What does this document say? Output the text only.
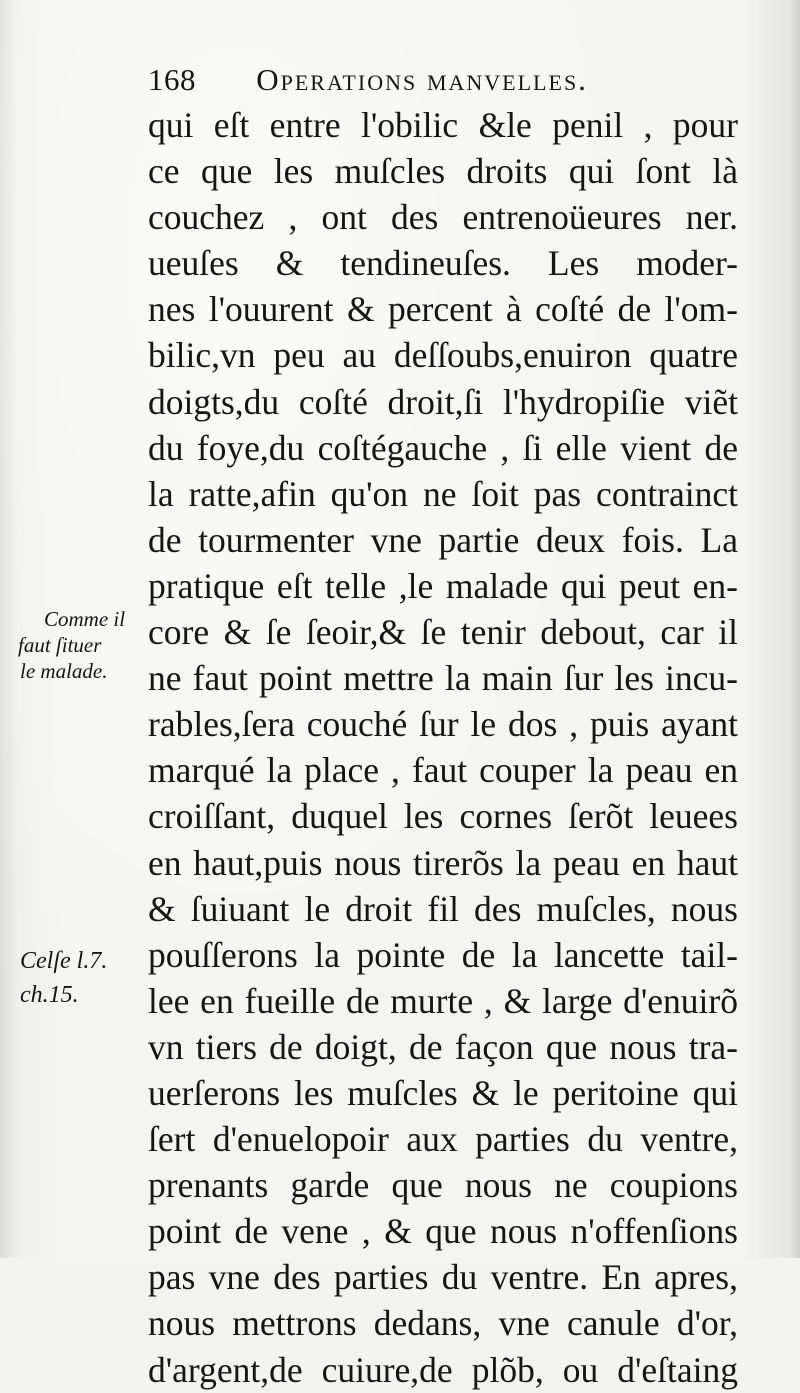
168 Operations manvelles.
qui eſt entre l'obilic &le penil , pour
ce que les muſcles droits qui ſont là
couchez , ont des entrenoüeures ner.
ueuſes & tendineuſes. Les moder-
nes l'ouurent & percent à coſté de l'om-
bilic,vn peu au deſſoubs,enuiron quatre
doigts,du coſté droit,ſi l'hydropiſie viẽt
du foye,du coſtégauche , ſi elle vient de
la ratte,afin qu'on ne ſoit pas contrainct
de tourmenter vne partie deux fois. La
pratique eſt telle ,le malade qui peut en-
core & ſe ſeoir,& ſe tenir debout, car il
ne faut point mettre la main ſur les incu-
rables,ſera couché ſur le dos , puis ayant
marqué la place , faut couper la peau en
croiſſant, duquel les cornes ſerõt leuees
en haut,puis nous tirerõs la peau en haut
& ſuiuant le droit fil des muſcles, nous
pouſſerons la pointe de la lancette tail-
lee en fueille de murte , & large d'enuirõ
vn tiers de doigt, de façon que nous tra-
uerſerons les muſcles & le peritoine qui
ſert d'enuelopoir aux parties du ventre,
prenants garde que nous ne coupions
point de vene , & que nous n'offenſions
pas vne des parties du ventre. En apres,
nous mettrons dedans, vne canule d'or,
d'argent,de cuiure,de plõb, ou d'eſtaing
Comme il
faut ſituer
le malade.
Celſe l.7.
ch.15.
